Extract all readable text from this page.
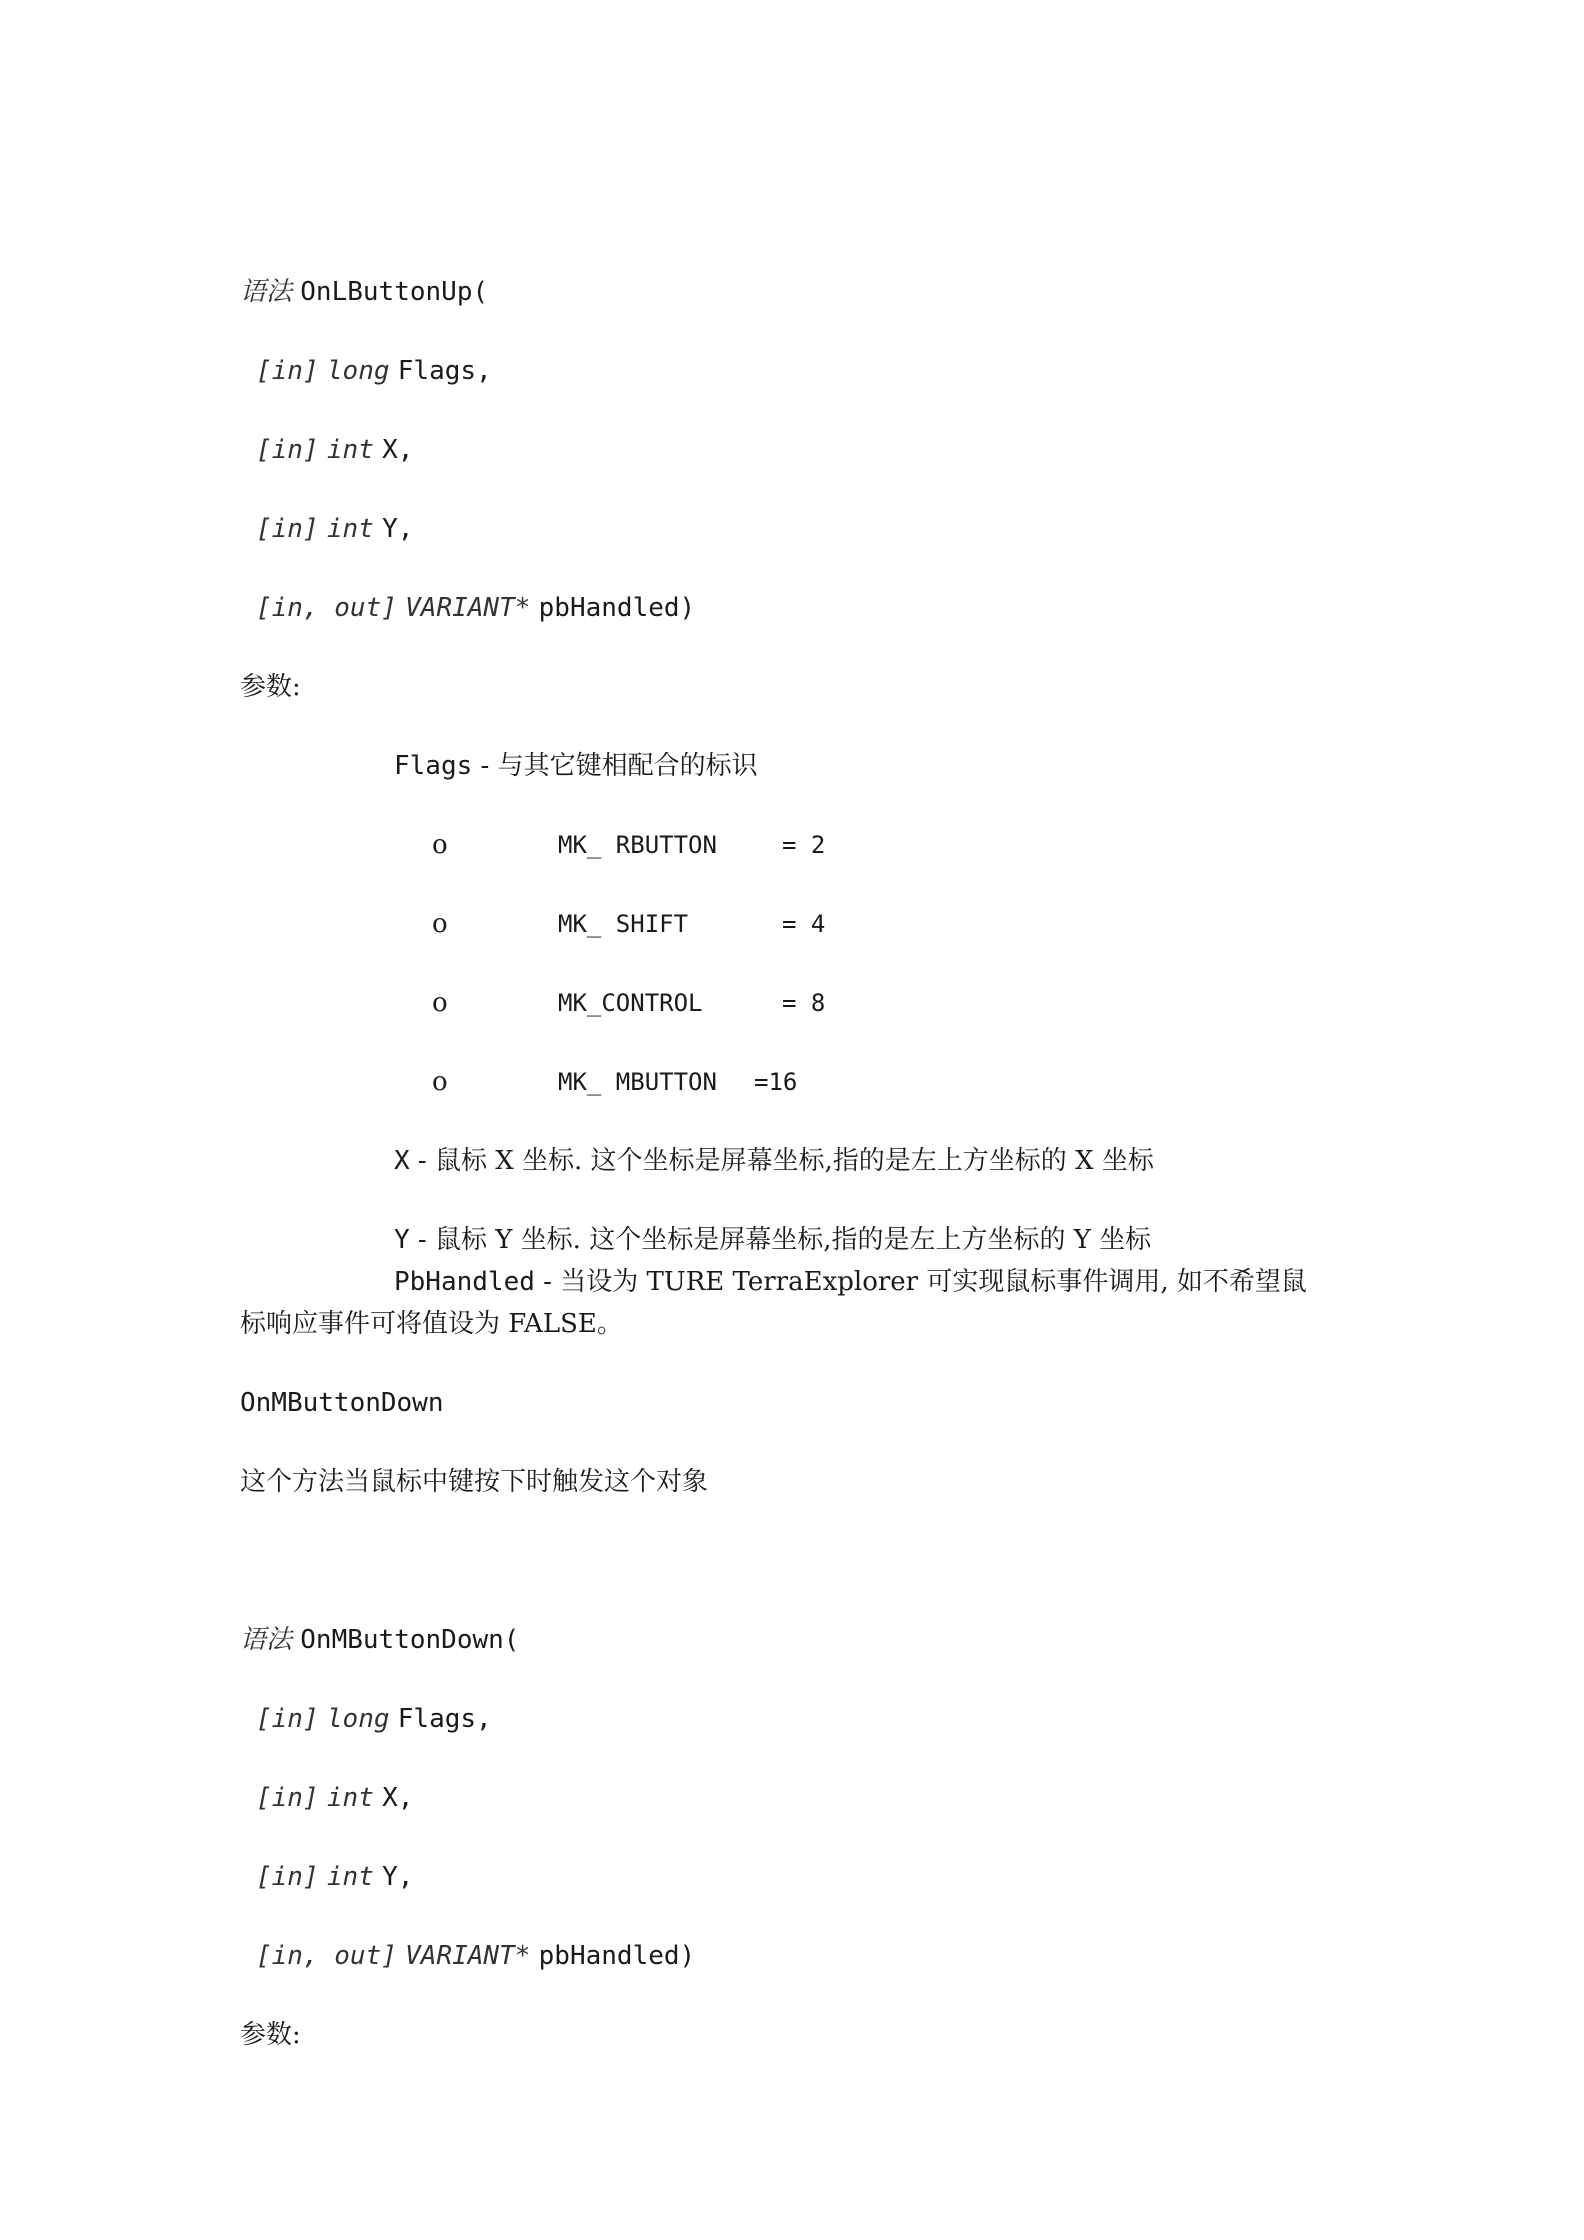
语法 OnLButtonUp(
[in] long Flags,
[in] int X,
[in] int Y,
[in, out] VARIANT* pbHandled)
参数:
Flags - 与其它键相配合的标识
o	MK_ RBUTTON	= 2
o	MK_ SHIFT	= 4
o	MK_CONTROL	= 8
o	MK_ MBUTTON =16
X - 鼠标 X 坐标. 这个坐标是屏幕坐标,指的是左上方坐标的 X 坐标
Y - 鼠标 Y 坐标. 这个坐标是屏幕坐标,指的是左上方坐标的 Y 坐标
PbHandled - 当设为 TURE TerraExplorer 可实现鼠标事件调用, 如不希望鼠
标响应事件可将值设为 FALSE。
OnMButtonDown
这个方法当鼠标中键按下时触发这个对象
语法 OnMButtonDown(
[in] long Flags,
[in] int X,
[in] int Y,
[in, out] VARIANT* pbHandled)
参数:
